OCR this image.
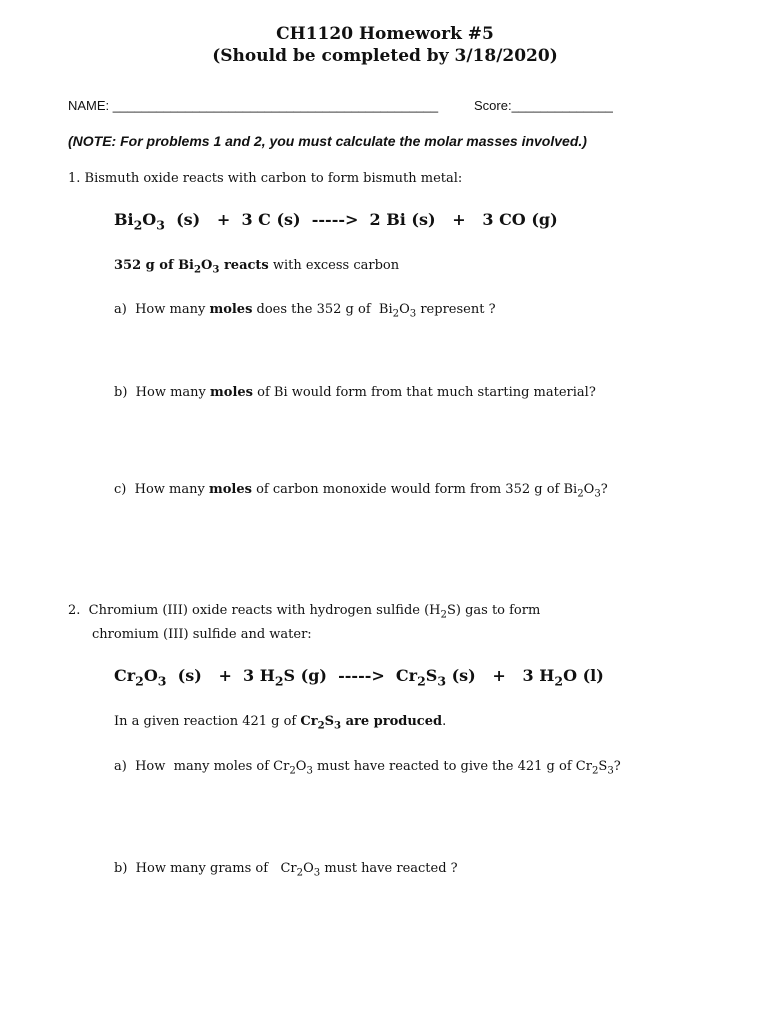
CH1120 Homework #5
(Should be completed by 3/18/2020)
NAME: _____________________________________________	Score:______________
(NOTE: For problems 1 and 2, you must calculate the molar masses involved.)
1. Bismuth oxide reacts with carbon to form bismuth metal:
$Bi_2O_3$  (s)   +  3 C (s)  ----->  2 Bi (s)   +   3 CO (g)
352 g of $Bi_2O_3$ reacts with excess carbon
a)  How many moles does the 352 g of  $Bi_2O_3$ represent ?
b)  How many moles of Bi would form from that much starting material?
c)  How many moles of carbon monoxide would form from 352 g of $Bi_2O_3$?
2.  Chromium (III) oxide reacts with hydrogen sulfide $(H_2S)$ gas to form
chromium (III) sulfide and water:
$Cr_2O_3$  (s)   +  3 $H_2S$ (g)  ----->  $Cr_2S_3$ (s)   +   3 $H_2O$ (l)
In a given reaction 421 g of $Cr_2S_3$ are produced.
a)  How  many moles of $Cr_2O_3$ must have reacted to give the 421 g of $Cr_2S_3$?
b)  How many grams of   $Cr_2O_3$ must have reacted ?
